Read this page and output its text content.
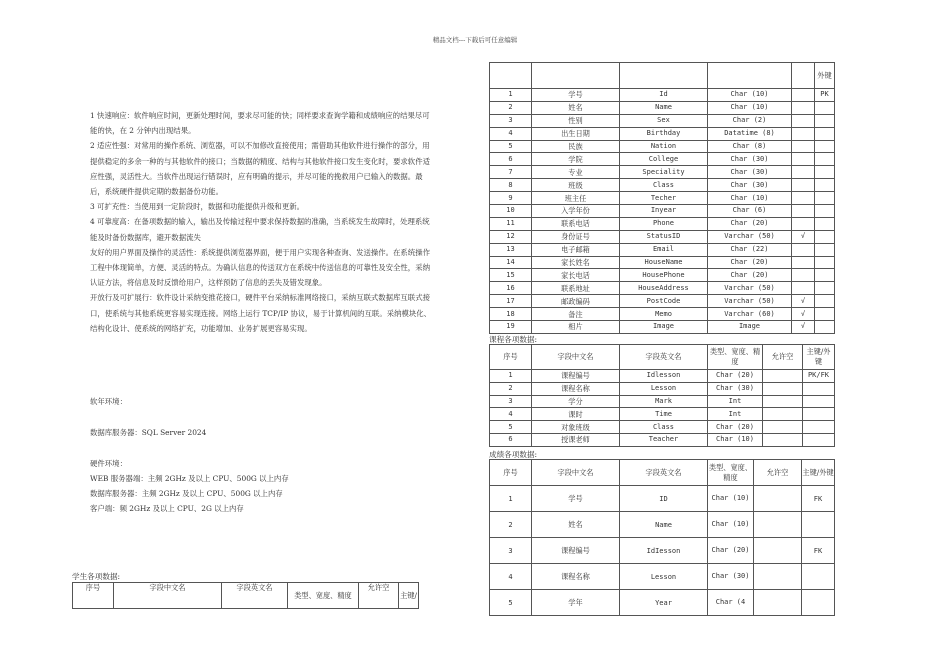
精品文档---下载后可任意编辑

1 快速响应：软件响应时间，更新处理时间，要求尽可能的快；同样要求查询学籍和成绩响应的结果尽可能的快，在 2 分钟内出现结果。

2 适应性强：对常用的操作系统、浏览器，可以不加修改直接使用；需借助其他软件进行操作的部分，用提供稳定的多余一种的与其他软件的接口；当数据的精度、结构与其他软件接口发生变化时，要求软件适应性强，灵活性大。当软件出现运行错误时，应有明确的提示，并尽可能的挽救用户已输入的数据。最后，系统硬件提供定期的数据备份功能。

3 可扩充性：当使用到一定阶段时，数据和功能提供升级和更新。

4 可靠度高：在备项数据的输入，输出及传输过程中要求保持数据的准确，当系统发生故障时，处理系统能及时备份数据库，避开数据流失

友好的用户界面及操作的灵活性：系统提供浏览器界面，便于用户实现各种查询、发送操作。在系统操作工程中体现简单，方便、灵活的特点。为确认信息的传送双方在系统中传送信息的可靠性及安全性，采纳认证方法，将信息及时反馈给用户，这样预防了信息的丢失及错发现象。

开放行及可扩展行：软件设计采纳变推花接口，硬件平台采纳标准网络接口，采纳互联式数据库互联式接口，使系统与其他系统更容易实现连接。网络上运行 TCP/IP 协议，易于计算机间的互联。采纳模块化、结构化设计、使系统的网络扩充，功能增加、业务扩展更容易实现。

软年环境：

数据库服务器：SQL Server 2024

硬件环境：

WEB 服务器端：主频 2GHz 及以上 CPU、500G 以上内存

数据库服务器：主频 2GHz 及以上 CPU、500G 以上内存

客户端：频 2GHz 及以上 CPU、2G 以上内存

学生各项数据:
序号	字段中文名	字段英文名	类型、宽度、精度	允许空	主键/
					外键
1	学号	Id	Char (10)		PK
2	姓名	Name	Char (10)		
3	性别	Sex	Char (2)		
4	出生日期	Birthday	Datatime (8)		
5	民族	Nation	Char (8)		
6	学院	College	Char (30)		
7	专业	Speciality	Char (30)		
8	班级	Class	Char (30)		
9	班主任	Techer	Char (10)		
10	入学年份	Inyear	Char (6)		
11	联系电话	Phone	Char (20)		
12	身份证号	StatusID	Varchar (50)	√	
13	电子邮箱	Email	Char (22)		
14	家长姓名	HouseName	Char (20)		
15	家长电话	HousePhone	Char (20)		
16	联系地址	HouseAddress	Varchar (50)		
17	邮政编码	PostCode	Varchar (50)	√	
18	备注	Memo	Varchar (60)	√	
19	相片	Image	Image	√	
课程各项数据:
序号	字段中文名	字段英文名	类型、宽度、精度	允许空	主键/外键
1	课程编号	Idlesson	Char (20)		PK/FK
2	课程名称	Lesson	Char (30)		
3	学分	Mark	Int		
4	课时	Time	Int		
5	对象班级	Class	Char (20)		
6	授课老师	Teacher	Char (10)		
成绩各项数据:
序号	字段中文名	字段英文名	类型、宽度、精度	允许空	主键/外键
1	学号	ID	Char (10)		FK
2	姓名	Name	Char (10)		
3	课程编号	IdIesson	Char (20)		FK
4	课程名称	Lesson	Char (30)		
5	学年	Year	Char (4		
